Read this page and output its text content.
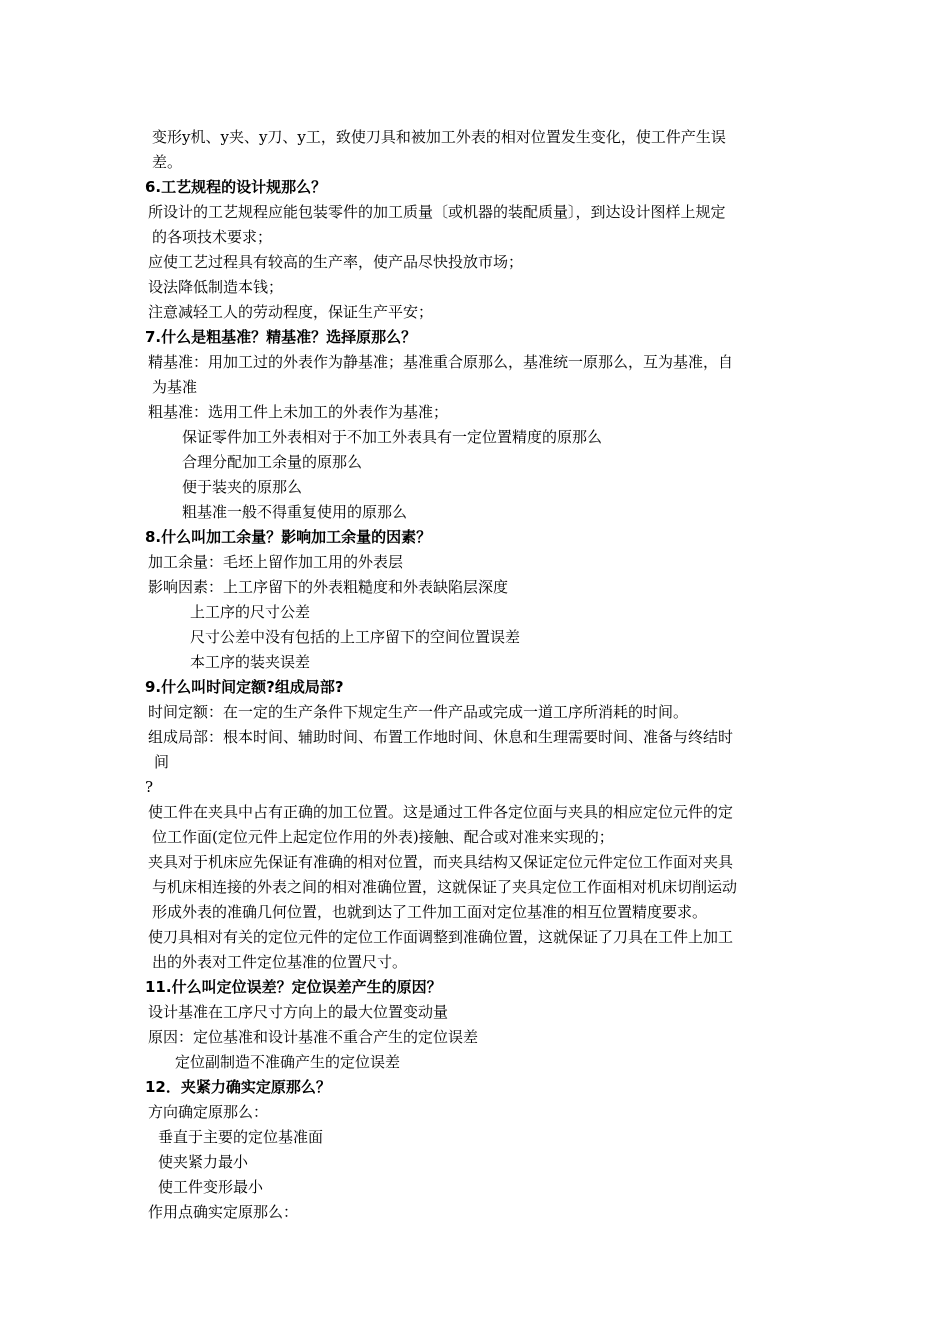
变形y机、y夹、y刀、y工，致使刀具和被加工外表的相对位置发生变化，使工件产生误
差。
6.工艺规程的设计规那么？
所设计的工艺规程应能包装零件的加工质量〔或机器的装配质量〕，到达设计图样上规定
的各项技术要求；
应使工艺过程具有较高的生产率，使产品尽快投放市场；
设法降低制造本钱；
注意减轻工人的劳动程度，保证生产平安；
7.什么是粗基准？精基准？选择原那么？
精基准：用加工过的外表作为静基准；基准重合原那么，基准统一原那么，互为基准，自
为基准
粗基准：选用工件上未加工的外表作为基准；
保证零件加工外表相对于不加工外表具有一定位置精度的原那么
合理分配加工余量的原那么
便于装夹的原那么
粗基准一般不得重复使用的原那么
8.什么叫加工余量？影响加工余量的因素？
加工余量：毛坯上留作加工用的外表层
影响因素：上工序留下的外表粗糙度和外表缺陷层深度
上工序的尺寸公差
尺寸公差中没有包括的上工序留下的空间位置误差
本工序的装夹误差
9.什么叫时间定额?组成局部?
时间定额：在一定的生产条件下规定生产一件产品或完成一道工序所消耗的时间。
组成局部：根本时间、辅助时间、布置工作地时间、休息和生理需要时间、准备与终结时
间
?
使工件在夹具中占有正确的加工位置。这是通过工件各定位面与夹具的相应定位元件的定
位工作面(定位元件上起定位作用的外表)接触、配合或对准来实现的；
夹具对于机床应先保证有准确的相对位置，而夹具结构又保证定位元件定位工作面对夹具
与机床相连接的外表之间的相对准确位置，这就保证了夹具定位工作面相对机床切削运动
形成外表的准确几何位置，也就到达了工件加工面对定位基准的相互位置精度要求。
使刀具相对有关的定位元件的定位工作面调整到准确位置，这就保证了刀具在工件上加工
出的外表对工件定位基准的位置尺寸。
11.什么叫定位误差？定位误差产生的原因？
设计基准在工序尺寸方向上的最大位置变动量
原因：定位基准和设计基准不重合产生的定位误差
定位副制造不准确产生的定位误差
12．夹紧力确实定原那么？
方向确定原那么：
垂直于主要的定位基准面
使夹紧力最小
使工件变形最小
作用点确实定原那么：
